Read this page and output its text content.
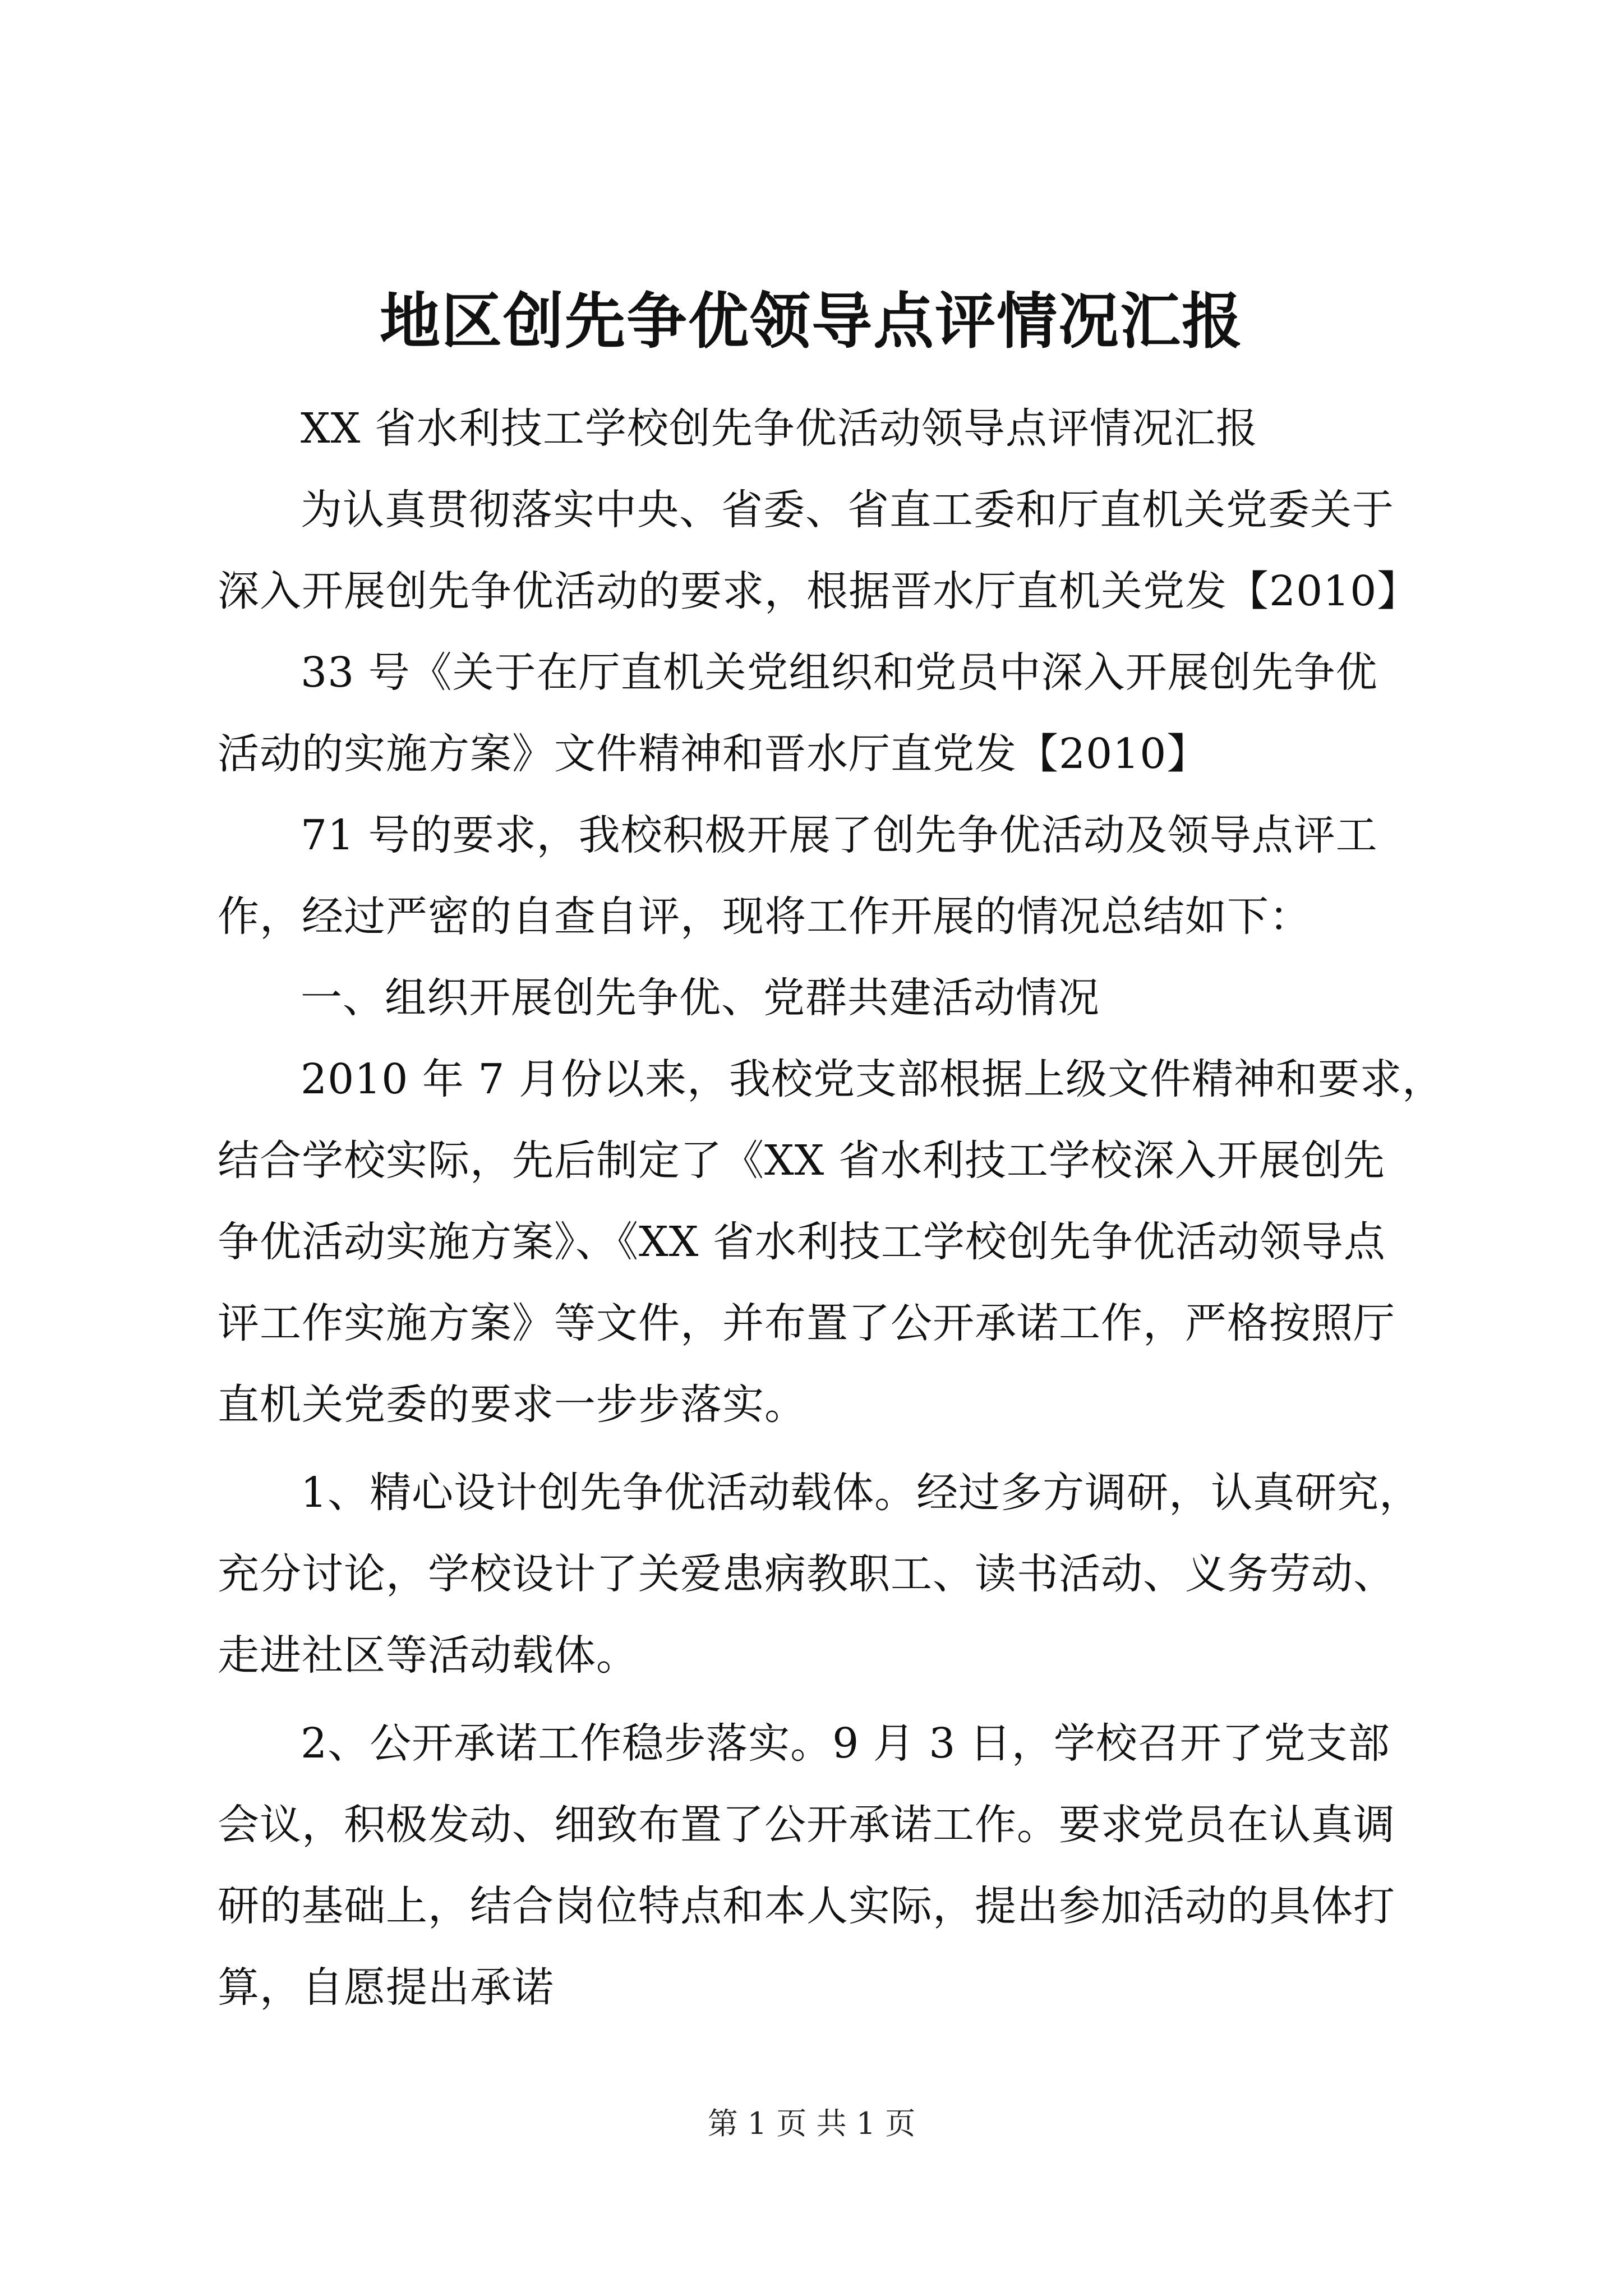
地区创先争优领导点评情况汇报
XX 省水利技工学校创先争优活动领导点评情况汇报
为认真贯彻落实中央、省委、省直工委和厅直机关党委关于
深入开展创先争优活动的要求，根据晋水厅直机关党发【2010】
33 号《关于在厅直机关党组织和党员中深入开展创先争优
活动的实施方案》文件精神和晋水厅直党发【2010】
71 号的要求，我校积极开展了创先争优活动及领导点评工
作，经过严密的自查自评，现将工作开展的情况总结如下：
一、组织开展创先争优、党群共建活动情况
2010 年 7 月份以来，我校党支部根据上级文件精神和要求，
结合学校实际，先后制定了《XX 省水利技工学校深入开展创先
争优活动实施方案》、《XX 省水利技工学校创先争优活动领导点
评工作实施方案》等文件，并布置了公开承诺工作，严格按照厅
直机关党委的要求一步步落实。
1、精心设计创先争优活动载体。经过多方调研，认真研究，
充分讨论，学校设计了关爱患病教职工、读书活动、义务劳动、
走进社区等活动载体。
2、公开承诺工作稳步落实。9 月 3 日，学校召开了党支部
会议，积极发动、细致布置了公开承诺工作。要求党员在认真调
研的基础上，结合岗位特点和本人实际，提出参加活动的具体打
算，自愿提出承诺
第 1 页 共 1 页
